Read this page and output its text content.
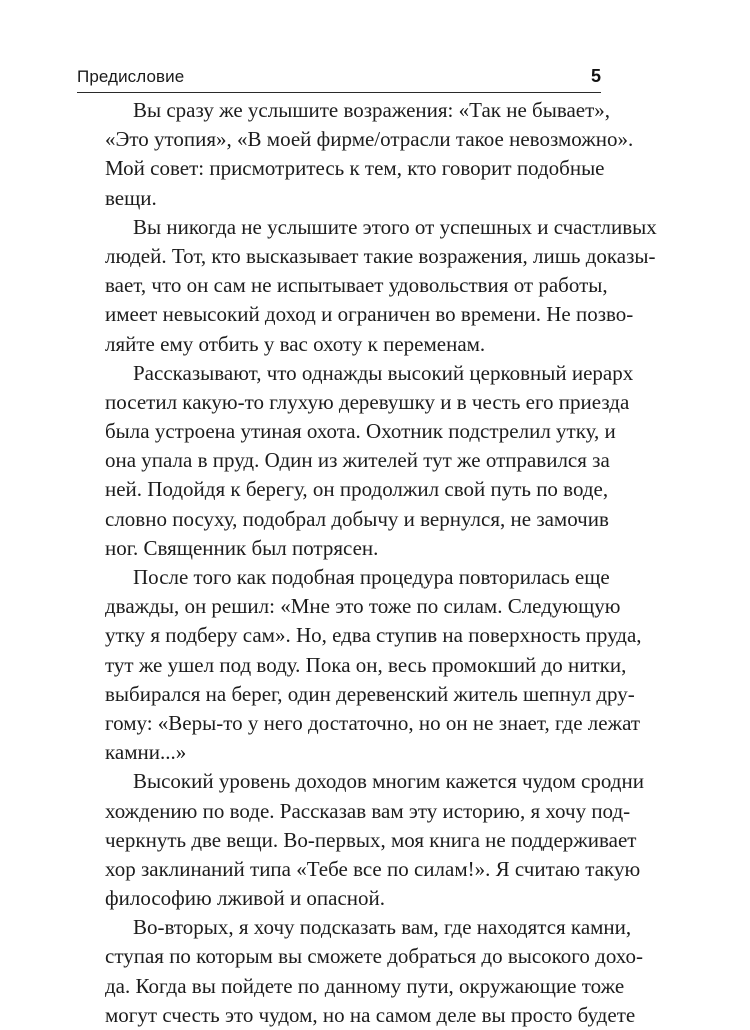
Предисловие	5
Вы сразу же услышите возражения: «Так не бывает»,
«Это утопия», «В моей фирме/отрасли такое невозможно».
Мой совет: присмотритесь к тем, кто говорит подобные
вещи.
Вы никогда не услышите этого от успешных и счастливых
людей. Тот, кто высказывает такие возражения, лишь доказы-
вает, что он сам не испытывает удовольствия от работы,
имеет невысокий доход и ограничен во времени. Не позво-
ляйте ему отбить у вас охоту к переменам.
Рассказывают, что однажды высокий церковный иерарх
посетил какую-то глухую деревушку и в честь его приезда
была устроена утиная охота. Охотник подстрелил утку, и
она упала в пруд. Один из жителей тут же отправился за
ней. Подойдя к берегу, он продолжил свой путь по воде,
словно посуху, подобрал добычу и вернулся, не замочив
ног. Священник был потрясен.
После того как подобная процедура повторилась еще
дважды, он решил: «Мне это тоже по силам. Следующую
утку я подберу сам». Но, едва ступив на поверхность пруда,
тут же ушел под воду. Пока он, весь промокший до нитки,
выбирался на берег, один деревенский житель шепнул дру-
гому: «Веры-то у него достаточно, но он не знает, где лежат
камни...»
Высокий уровень доходов многим кажется чудом сродни
хождению по воде. Рассказав вам эту историю, я хочу под-
черкнуть две вещи. Во-первых, моя книга не поддерживает
хор заклинаний типа «Тебе все по силам!». Я считаю такую
философию лживой и опасной.
Во-вторых, я хочу подсказать вам, где находятся камни,
ступая по которым вы сможете добраться до высокого дохо-
да. Когда вы пойдете по данному пути, окружающие тоже
могут счесть это чудом, но на самом деле вы просто будете
